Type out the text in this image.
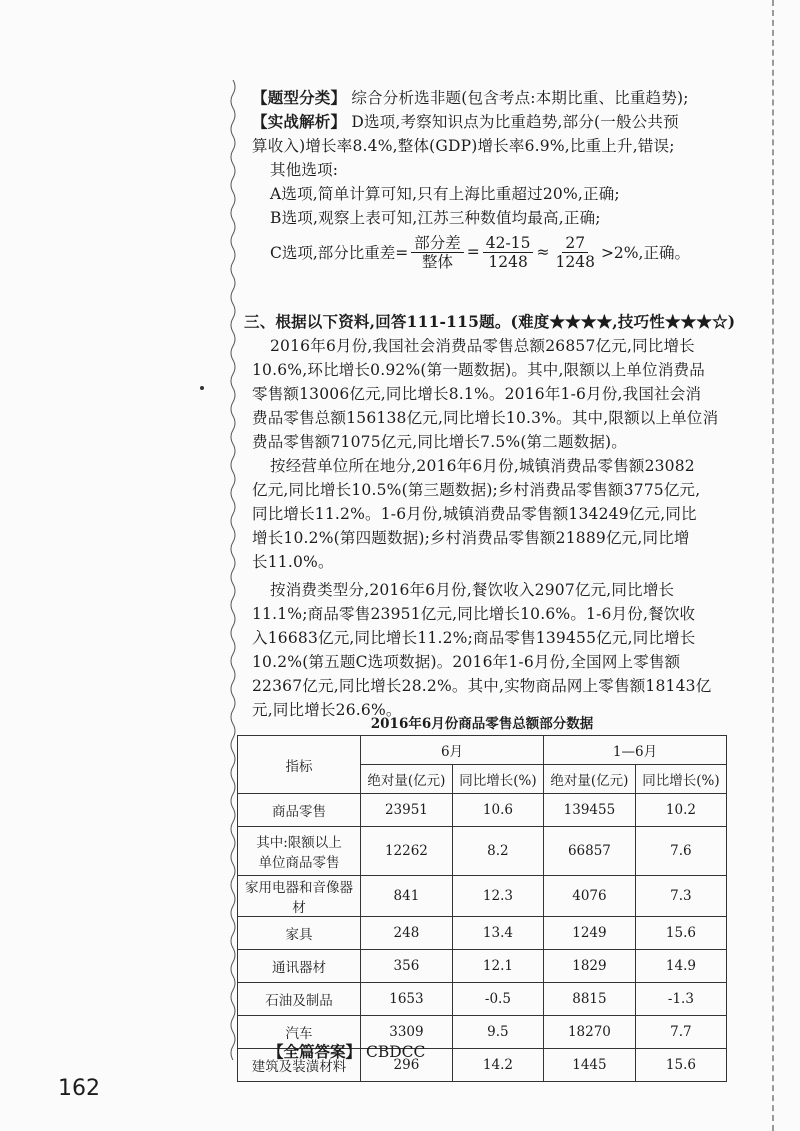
【题型分类】 综合分析选非题(包含考点:本期比重、比重趋势);
【实战解析】 D选项,考察知识点为比重趋势,部分(一般公共预
算收入)增长率8.4%,整体(GDP)增长率6.9%,比重上升,错误;
其他选项:
A选项,简单计算可知,只有上海比重超过20%,正确;
B选项,观察上表可知,江苏三种数值均最高,正确;
C选项,部分比重差= $\frac{\text{部分差}}{\text{整体}} = \frac{42-15}{1248} \approx \frac{27}{1248} >2\%$,正确。
三、根据以下资料,回答111-115题。(难度★★★★,技巧性★★★☆)
2016年6月份,我国社会消费品零售总额26857亿元,同比增长
10.6%,环比增长0.92%(第一题数据)。其中,限额以上单位消费品
零售额13006亿元,同比增长8.1%。2016年1-6月份,我国社会消
费品零售总额156138亿元,同比增长10.3%。其中,限额以上单位消
费品零售额71075亿元,同比增长7.5%(第二题数据)。
按经营单位所在地分,2016年6月份,城镇消费品零售额23082
亿元,同比增长10.5%(第三题数据);乡村消费品零售额3775亿元,
同比增长11.2%。1-6月份,城镇消费品零售额134249亿元,同比
增长10.2%(第四题数据);乡村消费品零售额21889亿元,同比增
长11.0%。
按消费类型分,2016年6月份,餐饮收入2907亿元,同比增长
11.1%;商品零售23951亿元,同比增长10.6%。1-6月份,餐饮收
入16683亿元,同比增长11.2%;商品零售139455亿元,同比增长
10.2%(第五题C选项数据)。2016年1-6月份,全国网上零售额
22367亿元,同比增长28.2%。其中,实物商品网上零售额18143亿
元,同比增长26.6%。
2016年6月份商品零售总额部分数据
指标	6月		1—6月	
	绝对量(亿元)	同比增长(%)	绝对量(亿元)	同比增长(%)
商品零售	23951	10.6	139455	10.2

其中:限额以上
单位商品零售	12262	8.2	66857	7.6
家用电器和音像器材	841	12.3	4076	7.3
家具	248	13.4	1249	15.6
通讯器材	356	12.1	1829	14.9
石油及制品	1653	-0.5	8815	-1.3
汽车	3309	9.5	18270	7.7
建筑及装潢材料	296	14.2	1445	15.6
【全篇答案】 CBDCC
162
